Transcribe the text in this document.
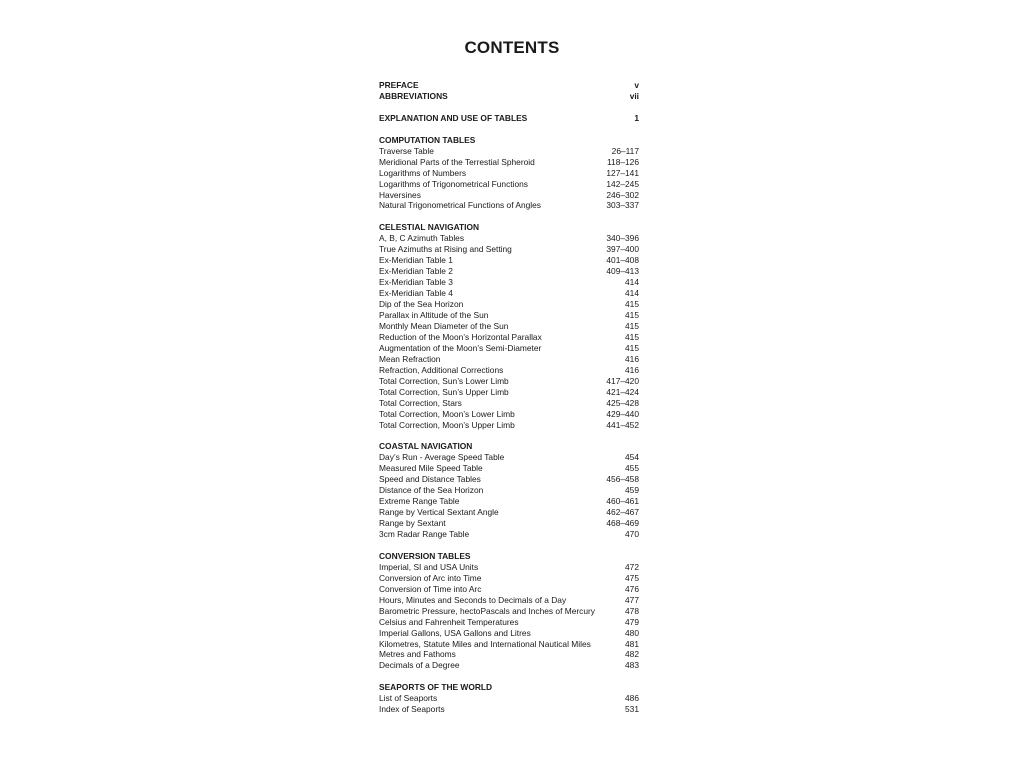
CONTENTS
PREFACE	v
ABBREVIATIONS	vii
EXPLANATION AND USE OF TABLES	1
COMPUTATION TABLES
Traverse Table	26–117
Meridional Parts of the Terrestial Spheroid	118–126
Logarithms of Numbers	127–141
Logarithms of Trigonometrical Functions	142–245
Haversines	246–302
Natural Trigonometrical Functions of Angles	303–337
CELESTIAL NAVIGATION
A, B, C Azimuth Tables	340–396
True Azimuths at Rising and Setting	397–400
Ex-Meridian Table 1	401–408
Ex-Meridian Table 2	409–413
Ex-Meridian Table 3	414
Ex-Meridian Table 4	414
Dip of the Sea Horizon	415
Parallax in Altitude of the Sun	415
Monthly Mean Diameter of the Sun	415
Reduction of the Moon’s Horizontal Parallax	415
Augmentation of the Moon’s Semi-Diameter	415
Mean Refraction	416
Refraction, Additional Corrections	416
Total Correction, Sun’s Lower Limb	417–420
Total Correction, Sun’s Upper Limb	421–424
Total Correction, Stars	425–428
Total Correction, Moon’s Lower Limb	429–440
Total Correction, Moon’s Upper Limb	441–452
COASTAL NAVIGATION
Day’s Run - Average Speed Table	454
Measured Mile Speed Table	455
Speed and Distance Tables	456–458
Distance of the Sea Horizon	459
Extreme Range Table	460–461
Range by Vertical Sextant Angle	462–467
Range by Sextant	468–469
3cm Radar Range Table	470
CONVERSION TABLES
Imperial, SI and USA Units	472
Conversion of Arc into Time	475
Conversion of Time into Arc	476
Hours, Minutes and Seconds to Decimals of a Day	477
Barometric Pressure, hectoPascals and Inches of Mercury	478
Celsius and Fahrenheit Temperatures	479
Imperial Gallons, USA Gallons and Litres	480
Kilometres, Statute Miles and International Nautical Miles	481
Metres and Fathoms	482
Decimals of a Degree	483
SEAPORTS OF THE WORLD
List of Seaports	486
Index of Seaports	531
